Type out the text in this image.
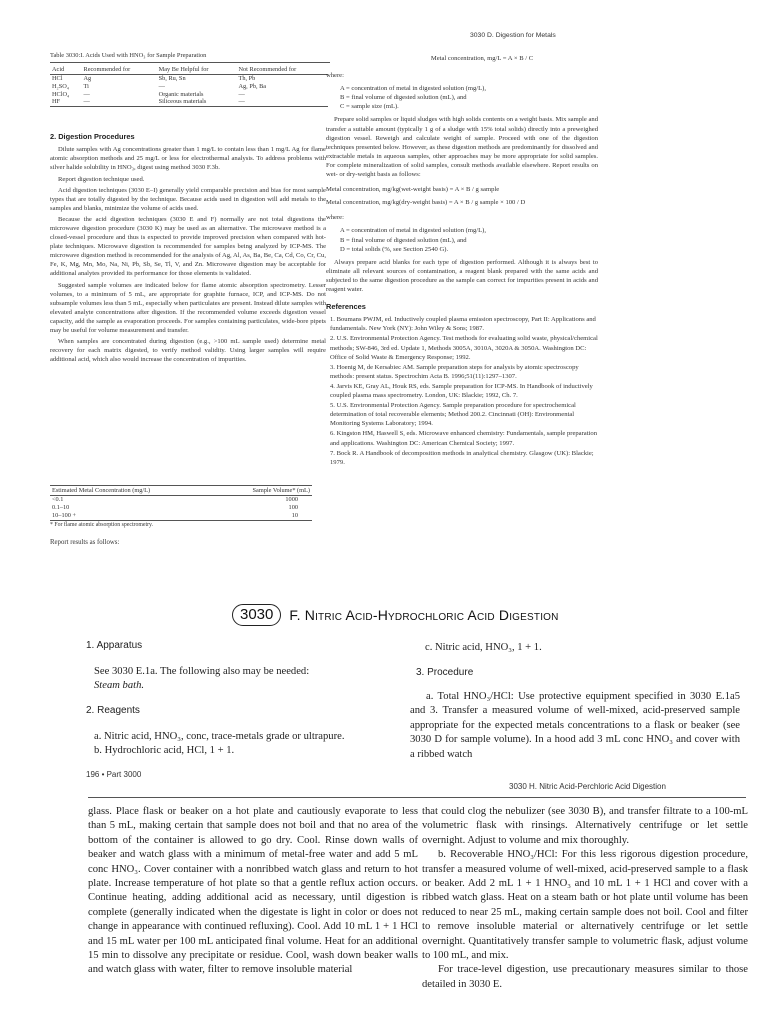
3030 D. Digestion for Metals
Table 3030:I. Acids Used with HNO₃ for Sample Preparation
Acid	Recommended for	May Be Helpful for	Not Recommended for
HCl	Ag	Sb, Ru, Sn	Th, Pb
H₂SO₄	Ti	—	Ag, Pb, Ba
HClO₄	—	Organic materials	—
HF	—	Siliceous materials	—
2. Digestion Procedures

Dilute samples with Ag concentrations greater than 1 mg/L to contain less than 1 mg/L Ag for flame atomic absorption methods and 25 mg/L or less for electrothermal analysis. To address problems with silver halide solubility in HNO₃, digest using method 3030 F.3b.

Report digestion technique used.

Acid digestion techniques (3030 E–I) generally yield comparable precision and bias for most sample types that are totally digested by the technique. Because acids used in digestion will add metals to the samples and blanks, minimize the volume of acids used.

Because the acid digestion techniques (3030 E and F) normally are not total digestions the microwave digestion procedure (3030 K) may be used as an alternative. The microwave method is a closed-vessel procedure and thus is expected to provide improved precision when compared with hot-plate techniques. Microwave digestion is recommended for samples being analyzed by ICP-MS. The microwave digestion method is recommended for the analysis of Ag, Al, As, Ba, Be, Ca, Cd, Co, Cr, Cu, Fe, K, Mg, Mn, Mo, Na, Ni, Pb, Sb, Se, Tl, V, and Zn. Microwave digestion may be acceptable for additional analytes provided its performance for those elements is validated.

Suggested sample volumes are indicated below for flame atomic absorption spectrometry. Lesser volumes, to a minimum of 5 mL, are appropriate for graphite furnace, ICP, and ICP-MS. Do not subsample volumes less than 5 mL, especially when particulates are present. Instead dilute samples with elevated analyte concentrations after digestion. If the recommended volume exceeds digestion vessel capacity, add the sample as evaporation proceeds. For samples containing particulates, wide-bore pipets may be useful for volume measurement and transfer.

When samples are concentrated during digestion (e.g., >100 mL sample used) determine metal recovery for each matrix digested, to verify method validity. Using larger samples will require additional acid, which also would increase the concentration of impurities.

Estimated Metal Concentration (mg/L)	Sample Volume* (mL)
<0.1	1000
0.1–10	100
10–100 +	10
* For flame atomic absorption spectrometry.
Report results as follows:
Metal concentration, mg/L = A × B / C
where:
A = concentration of metal in digested solution (mg/L),
B = final volume of digested solution (mL), and
C = sample size (mL).

Prepare solid samples or liquid sludges with high solids contents on a weight basis. Mix sample and transfer a suitable amount (typically 1 g of a sludge with 15% total solids) directly into a preweighed digestion vessel. Reweigh and calculate weight of sample. Proceed with one of the digestion techniques presented below. However, as these digestion methods are predominantly for dissolved and extractable metals in aqueous samples, other approaches may be more appropriate for solid samples. For complete mineralization of solid samples, consult methods available elsewhere. Report results on wet- or dry-weight basis as follows:

Metal concentration, mg/kg(wet-weight basis) = A × B / g sample
Metal concentration, mg/kg(dry-weight basis) = A × B / g sample × 100 / D
where:
A = concentration of metal in digested solution (mg/L),
B = final volume of digested solution (mL), and
D = total solids (%, see Section 2540 G).

Always prepare acid blanks for each type of digestion performed. Although it is always best to eliminate all relevant sources of contamination, a reagent blank prepared with the same acids and subjected to the same digestion procedure as the sample can correct for impurities present in acids and reagent water.

References
1. Boumans PWJM, ed. Inductively coupled plasma emission spectroscopy, Part II: Applications and fundamentals. New York (NY): John Wiley & Sons; 1987.
2. U.S. Environmental Protection Agency. Test methods for evaluating solid waste, physical/chemical methods; SW-846, 3rd ed. Update 1, Methods 3005A, 3010A, 3020A & 3050A. Washington DC: Office of Solid Waste & Emergency Response; 1992.
3. Hoenig M, de Kersabiec AM. Sample preparation steps for analysis by atomic spectroscopy methods: present status. Spectrochim Acta B. 1996;51(11):1297–1307.
4. Jarvis KE, Gray AL, Houk RS, eds. Sample preparation for ICP-MS. In Handbook of inductively coupled plasma mass spectrometry. London, UK: Blackie; 1992, Ch. 7.
5. U.S. Environmental Protection Agency. Sample preparation procedure for spectrochemical determination of total recoverable elements; Method 200.2. Cincinnati (OH): Environmental Monitoring Systems Laboratory; 1994.
6. Kingston HM, Haswell S, eds. Microwave enhanced chemistry: Fundamentals, sample preparation and applications. Washington DC: American Chemical Society; 1997.
7. Bock R. A Handbook of decomposition methods in analytical chemistry. Glasgow (UK): Blackie; 1979.
3030	F. Nitric Acid-Hydrochloric Acid Digestion
1. Apparatus
See 3030 E.1a. The following also may be needed:
Steam bath.
2. Reagents
a. Nitric acid, HNO₃, conc, trace-metals grade or ultrapure.
b. Hydrochloric acid, HCl, 1 + 1.
c. Nitric acid, HNO₃, 1 + 1.
3. Procedure

a. Total HNO₃/HCl: Use protective equipment specified in 3030 E.1a5 and 3. Transfer a measured volume of well-mixed, acid-preserved sample appropriate for the expected metals concentrations to a flask or beaker (see 3030 D for sample volume). In a hood add 3 mL conc HNO₃ and cover with a ribbed watch

196 • Part 3000
3030 H. Nitric Acid-Perchloric Acid Digestion

glass. Place flask or beaker on a hot plate and cautiously evaporate to less than 5 mL, making certain that sample does not boil and that no area of the bottom of the container is allowed to go dry. Cool. Rinse down walls of beaker and watch glass with a minimum of metal-free water and add 5 mL conc HNO₃. Cover container with a nonribbed watch glass and return to hot plate. Increase temperature of hot plate so that a gentle reflux action occurs. Continue heating, adding additional acid as necessary, until digestion is complete (generally indicated when the digestate is light in color or does not change in appearance with continued refluxing). Cool. Add 10 mL 1 + 1 HCl and 15 mL water per 100 mL anticipated final volume. Heat for an additional 15 min to dissolve any precipitate or residue. Cool, wash down beaker walls and watch glass with water, filter to remove insoluble material

that could clog the nebulizer (see 3030 B), and transfer filtrate to a 100-mL volumetric flask with rinsings. Alternatively centrifuge or let settle overnight. Adjust to volume and mix thoroughly.

b. Recoverable HNO₃/HCl: For this less rigorous digestion procedure, transfer a measured volume of well-mixed, acid-preserved sample to a flask or beaker. Add 2 mL 1 + 1 HNO₃ and 10 mL 1 + 1 HCl and cover with a ribbed watch glass. Heat on a steam bath or hot plate until volume has been reduced to near 25 mL, making certain sample does not boil. Cool and filter to remove insoluble material or alternatively centrifuge or let settle overnight. Quantitatively transfer sample to volumetric flask, adjust volume to 100 mL, and mix.

For trace-level digestion, use precautionary measures similar to those detailed in 3030 E.
